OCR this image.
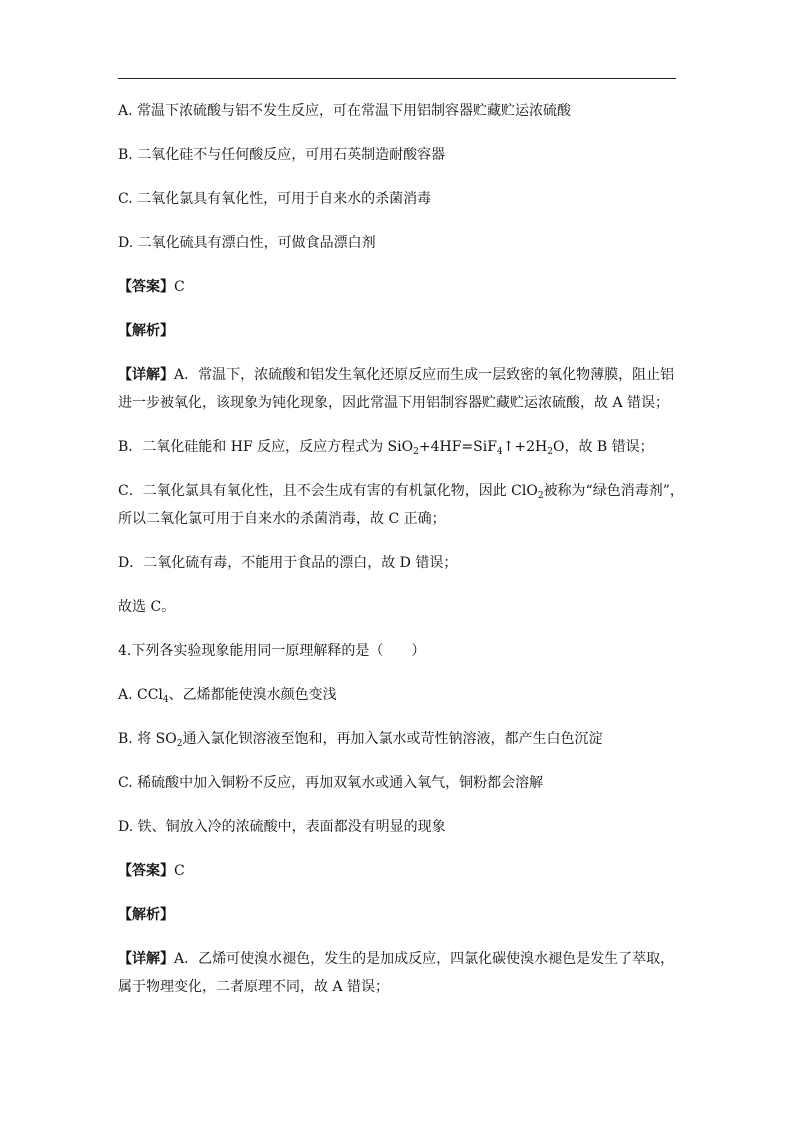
A. 常温下浓硫酸与铝不发生反应，可在常温下用铝制容器贮藏贮运浓硫酸

B. 二氧化硅不与任何酸反应，可用石英制造耐酸容器

C. 二氧化氯具有氧化性，可用于自来水的杀菌消毒

D. 二氧化硫具有漂白性，可做食品漂白剂

【答案】C

【解析】

【详解】A．常温下，浓硫酸和铝发生氧化还原反应而生成一层致密的氧化物薄膜，阻止铝

进一步被氧化，该现象为钝化现象，因此常温下用铝制容器贮藏贮运浓硫酸，故 A 错误；

B．二氧化硅能和 HF 反应，反应方程式为 $SiO_2+4HF=SiF_4↑+2H_2O$，故 B 错误；

C．二氧化氯具有氧化性，且不会生成有害的有机氯化物，因此 ClO$_2$被称为“绿色消毒剂”，

所以二氧化氯可用于自来水的杀菌消毒，故 C 正确；

D．二氧化硫有毒，不能用于食品的漂白，故 D 错误；

故选 C。

4.下列各实验现象能用同一原理解释的是（　　）

A. CCl$_4$、乙烯都能使溴水颜色变浅

B. 将 $SO_2$通入氯化钡溶液至饱和，再加入氯水或苛性钠溶液，都产生白色沉淀

C. 稀硫酸中加入铜粉不反应，再加双氧水或通入氧气，铜粉都会溶解

D. 铁、铜放入冷的浓硫酸中，表面都没有明显的现象

【答案】C

【解析】

【详解】A．乙烯可使溴水褪色，发生的是加成反应，四氯化碳使溴水褪色是发生了萃取，

属于物理变化，二者原理不同，故 A 错误；
